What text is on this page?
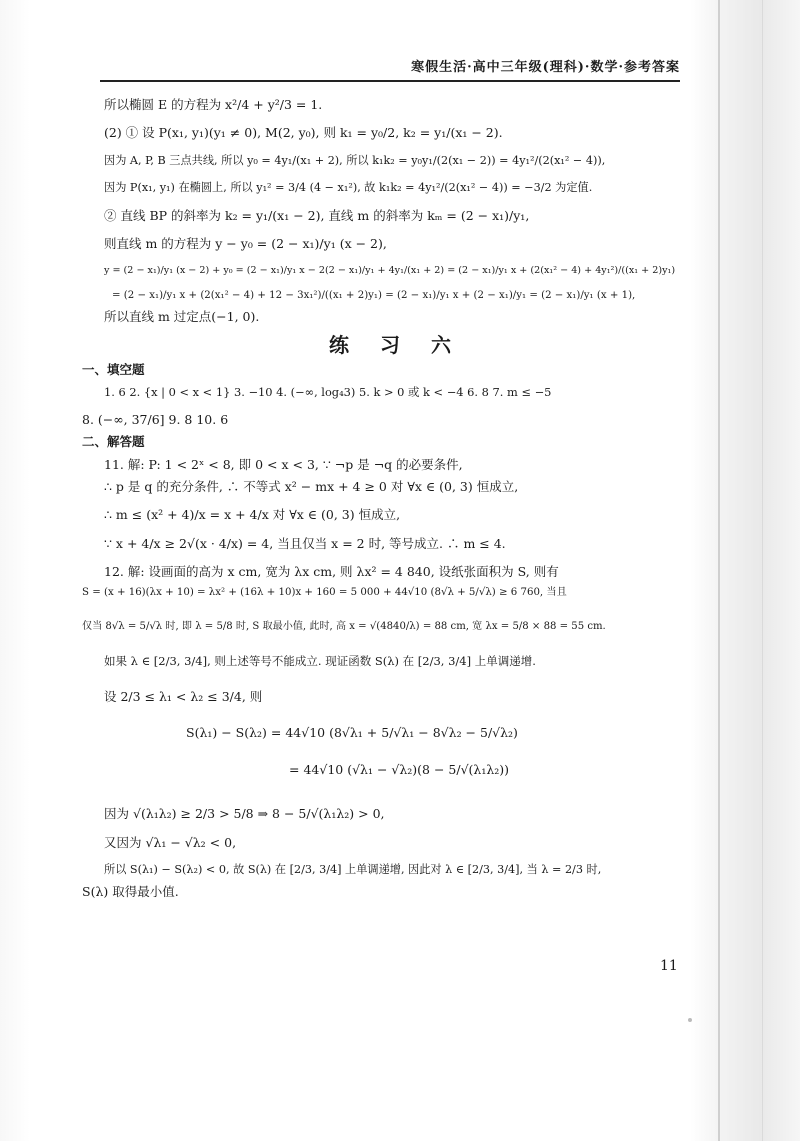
寒假生活·高中三年级(理科)·数学·参考答案
所以椭圆 E 的方程为 x²/4 + y²/3 = 1.
(2) ① 设 P(x₁, y₁)(y₁ ≠ 0), M(2, y₀), 则 k₁ = y₀/2, k₂ = y₁/(x₁ − 2).
因为 A, P, B 三点共线, 所以 y₀ = 4y₁/(x₁ + 2), 所以 k₁k₂ = y₀y₁/(2(x₁ − 2)) = 4y₁²/(2(x₁² − 4)),
因为 P(x₁, y₁) 在椭圆上, 所以 y₁² = 3/4 (4 − x₁²), 故 k₁k₂ = 4y₁²/(2(x₁² − 4)) = −3/2 为定值.
② 直线 BP 的斜率为 k₂ = y₁/(x₁ − 2), 直线 m 的斜率为 kₘ = (2 − x₁)/y₁,
则直线 m 的方程为 y − y₀ = (2 − x₁)/y₁ (x − 2),
y = (2 − x₁)/y₁ (x − 2) + y₀ = (2 − x₁)/y₁ x − 2(2 − x₁)/y₁ + 4y₁/(x₁ + 2) = (2 − x₁)/y₁ x + (2(x₁² − 4) + 4y₁²)/((x₁ + 2)y₁)
= (2 − x₁)/y₁ x + (2(x₁² − 4) + 12 − 3x₁²)/((x₁ + 2)y₁) = (2 − x₁)/y₁ x + (2 − x₁)/y₁ = (2 − x₁)/y₁ (x + 1),
所以直线 m 过定点(−1, 0).
练 习 六
一、填空题
1. 6 2. {x | 0 < x < 1} 3. −10 4. (−∞, log₄3) 5. k > 0 或 k < −4 6. 8 7. m ≤ −5
8. (−∞, 37/6] 9. 8 10. 6
二、解答题
11. 解: P: 1 < 2ˣ < 8, 即 0 < x < 3, ∵ ¬p 是 ¬q 的必要条件,
∴ p 是 q 的充分条件, ∴ 不等式 x² − mx + 4 ≥ 0 对 ∀x ∈ (0, 3) 恒成立,
∴ m ≤ (x² + 4)/x = x + 4/x 对 ∀x ∈ (0, 3) 恒成立,
∵ x + 4/x ≥ 2√(x · 4/x) = 4, 当且仅当 x = 2 时, 等号成立. ∴ m ≤ 4.
12. 解: 设画面的高为 x cm, 宽为 λx cm, 则 λx² = 4 840, 设纸张面积为 S, 则有
S = (x + 16)(λx + 10) = λx² + (16λ + 10)x + 160 = 5 000 + 44√10 (8√λ + 5/√λ) ≥ 6 760, 当且
仅当 8√λ = 5/√λ 时, 即 λ = 5/8 时, S 取最小值, 此时, 高 x = √(4840/λ) = 88 cm, 宽 λx = 5/8 × 88 = 55 cm.
如果 λ ∈ [2/3, 3/4], 则上述等号不能成立. 现证函数 S(λ) 在 [2/3, 3/4] 上单调递增.
设 2/3 ≤ λ₁ < λ₂ ≤ 3/4, 则
S(λ₁) − S(λ₂) = 44√10 (8√λ₁ + 5/√λ₁ − 8√λ₂ − 5/√λ₂)
= 44√10 (√λ₁ − √λ₂)(8 − 5/√(λ₁λ₂))
因为 √(λ₁λ₂) ≥ 2/3 > 5/8 ⇒ 8 − 5/√(λ₁λ₂) > 0,
又因为 √λ₁ − √λ₂ < 0,
所以 S(λ₁) − S(λ₂) < 0, 故 S(λ) 在 [2/3, 3/4] 上单调递增, 因此对 λ ∈ [2/3, 3/4], 当 λ = 2/3 时,
S(λ) 取得最小值.
11
